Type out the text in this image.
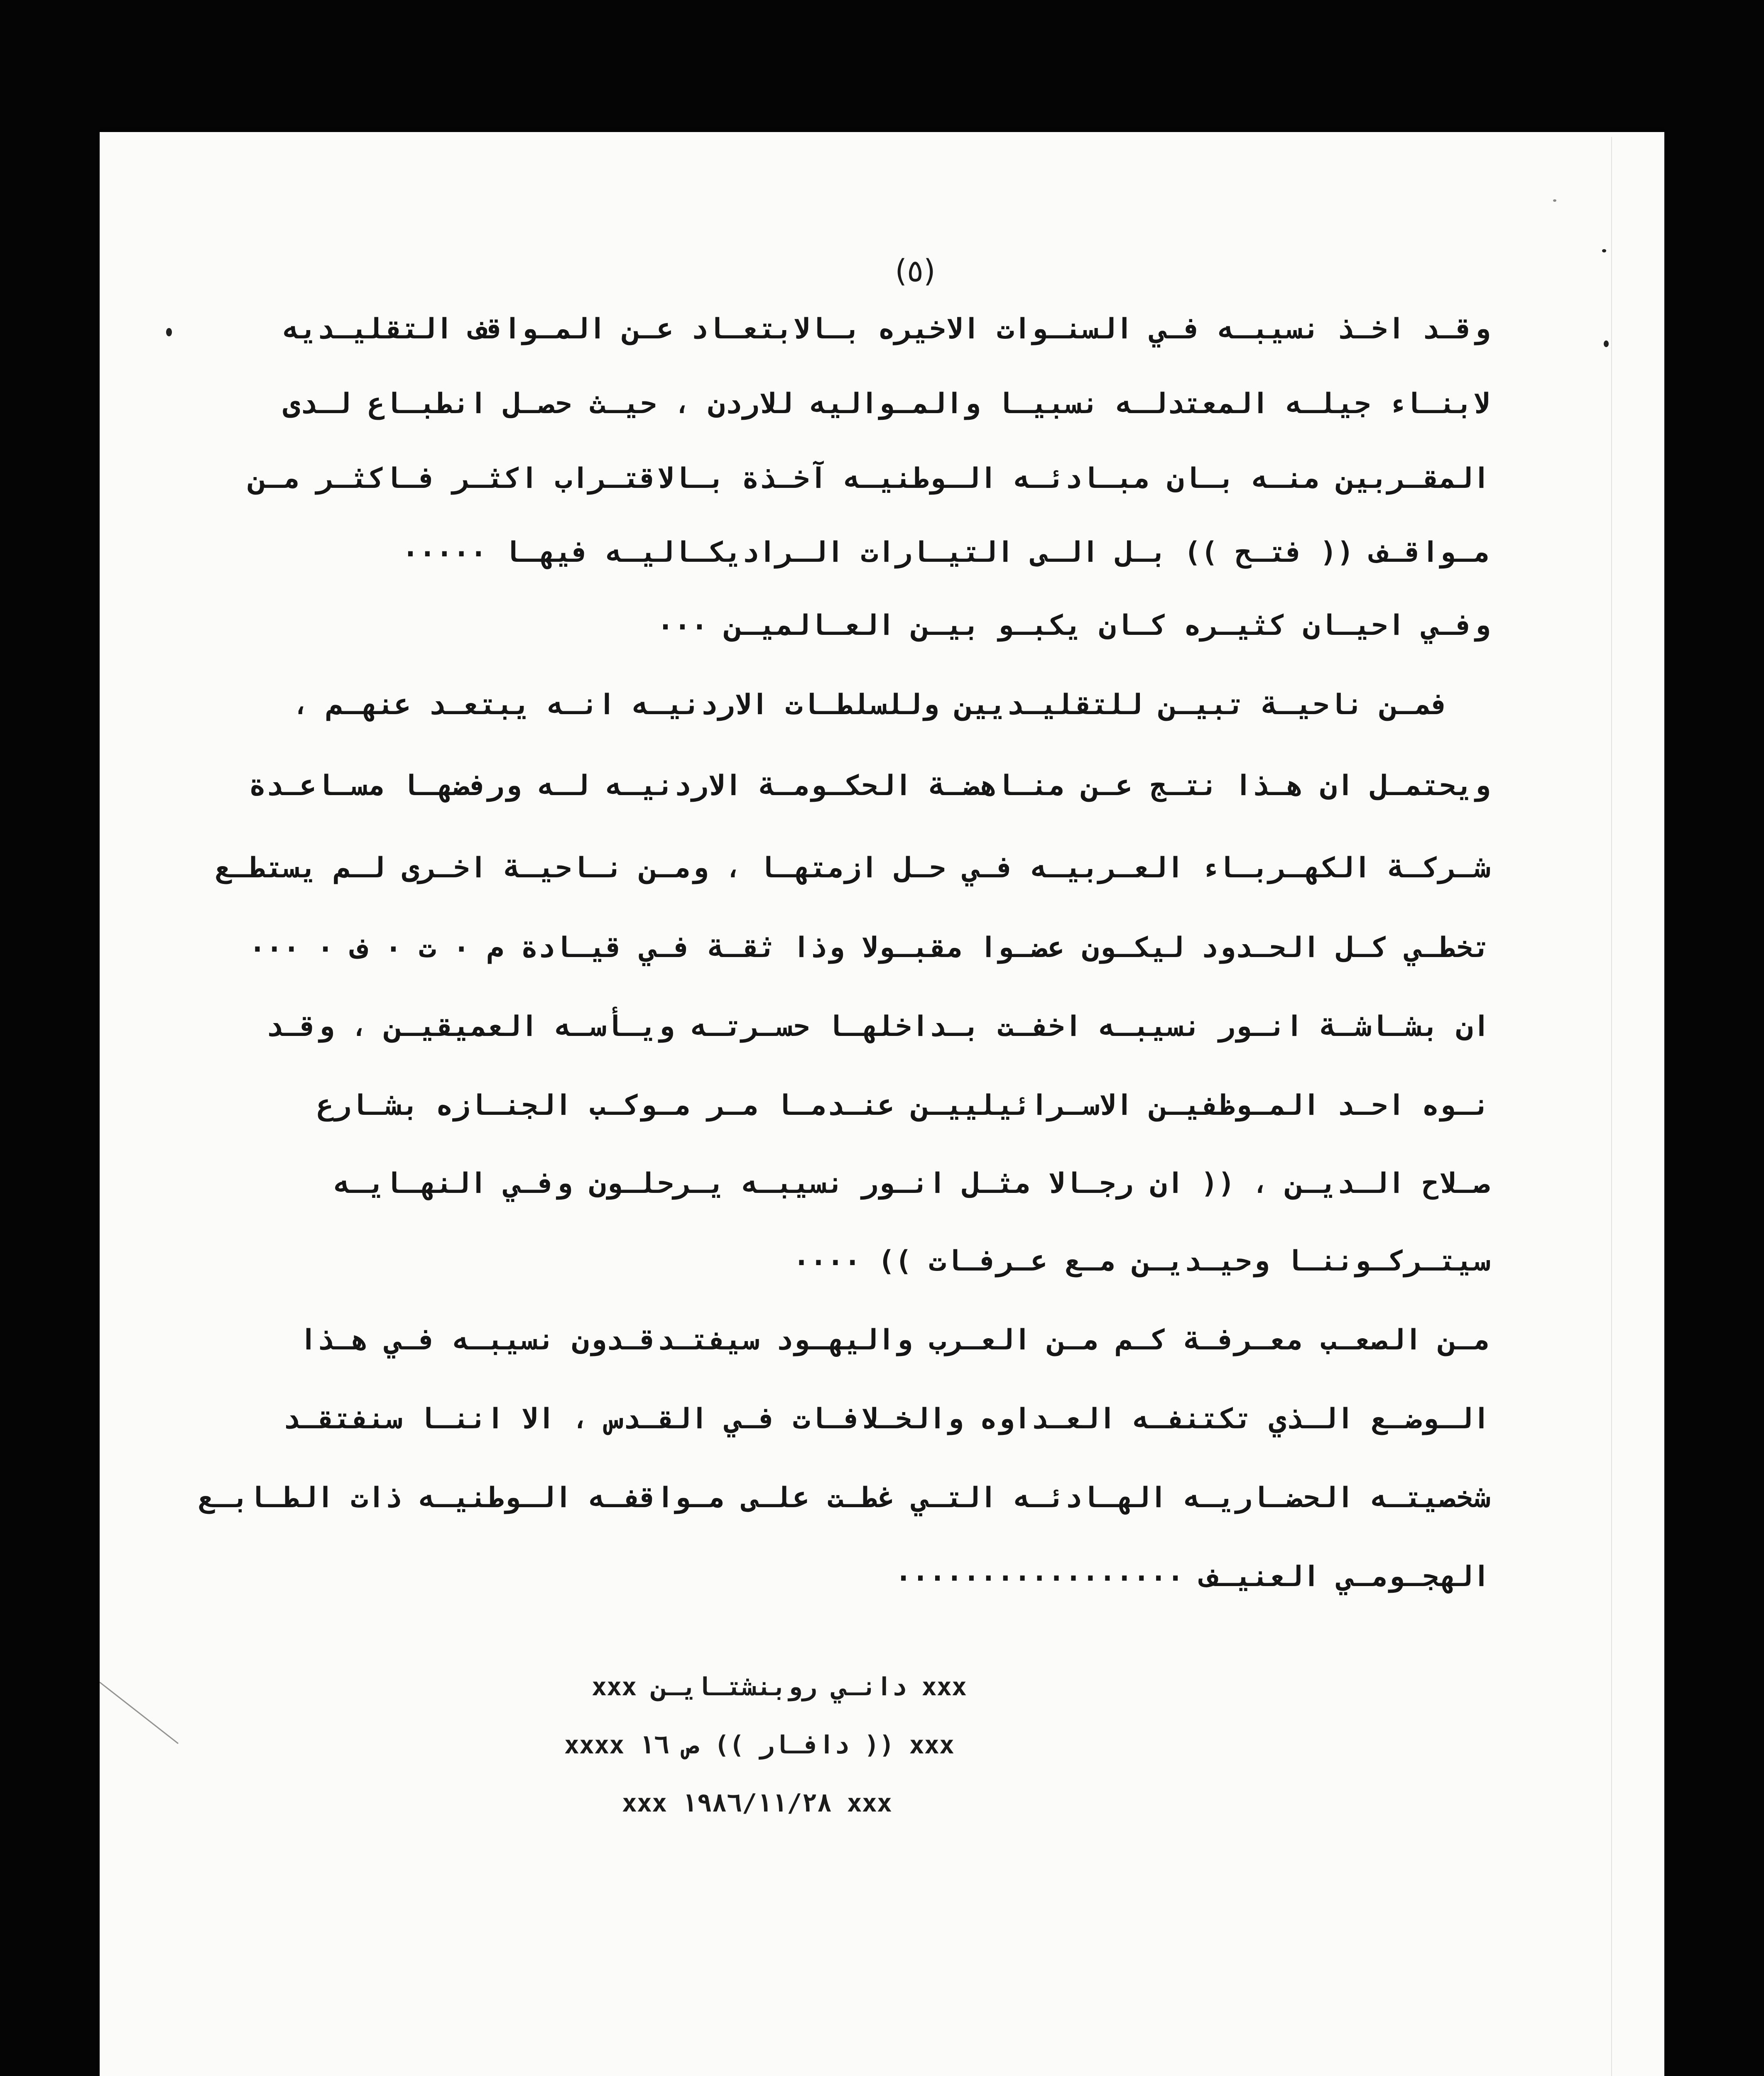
(٥)
وقـد اخـذ نسيبـه فـي السنـوات الاخيره بـالابتعـاد عـن المـواقف التقليـديه
لابنـاء جيلـه المعتدلـه نسبيـا والمـواليه للاردن ، حيـث حصـل انطبـاع لـدى
المقـربين منـه بـان مبـادئـه الـوطنيـه آخـذة بـالاقتـراب اكثـر فـاكثـر مـن
مـواقـف (( فتـح )) بـل الـى التيـارات الـراديكـاليـه فيهـا ٠٠٠٠٠
وفـي احيـان كثيـره كـان يكبـو بيـن العـالميـن ٠٠٠
فمـن ناحيـة تبيـن للتقليـديين وللسلطـات الاردنيـه انـه يبتعـد عنهـم ،
ويحتمـل ان هـذا نتـج عـن منـاهضـة الحكـومـة الاردنيـه لـه ورفضهـا مسـاعـدة
شـركـة الكهـربـاء العـربيـه فـي حـل ازمتهـا ، ومـن نـاحيـة اخـرى لـم يستطـع
تخطـي كـل الحـدود ليكـون عضـوا مقبـولا وذا ثقـة فـي قيـادة م ٠ ت ٠ ف ٠ ٠٠٠
ان بشـاشـة انـور نسيبـه اخفـت بـداخلهـا حسـرتـه ويـأسـه العميقيـن ، وقـد
نـوه احـد المـوظفيـن الاسـرائيلييـن عنـدمـا مـر مـوكـب الجنـازه بشـارع
صـلاح الـديـن ، (( ان رجـالا مثـل انـور نسيبـه يـرحلـون وفـي النهـايـه
سيتـركـوننـا وحيـديـن مـع عـرفـات )) ٠٠٠٠
مـن الصعـب معـرفـة كـم مـن العـرب واليهـود سيفتـدقـدون نسيبـه فـي هـذا
الـوضـع الـذي تكتنفـه العـداوه والخـلافـات فـي القـدس ، الا اننـا سنفتقـد
شخصيتـه الحضـاريـه الهـادئـه التـي غطـت علـى مـواقفـه الـوطنيـه ذات الطـابـع
الهجـومـي العنيـف ٠٠٠٠٠٠٠٠٠٠٠٠٠٠٠٠٠
xxx دانـي روبنشتـايـن xxx
xxx (( دافـار )) ص ١٦ xxxx
xxx ١٩٨٦/١١/٢٨ xxx
